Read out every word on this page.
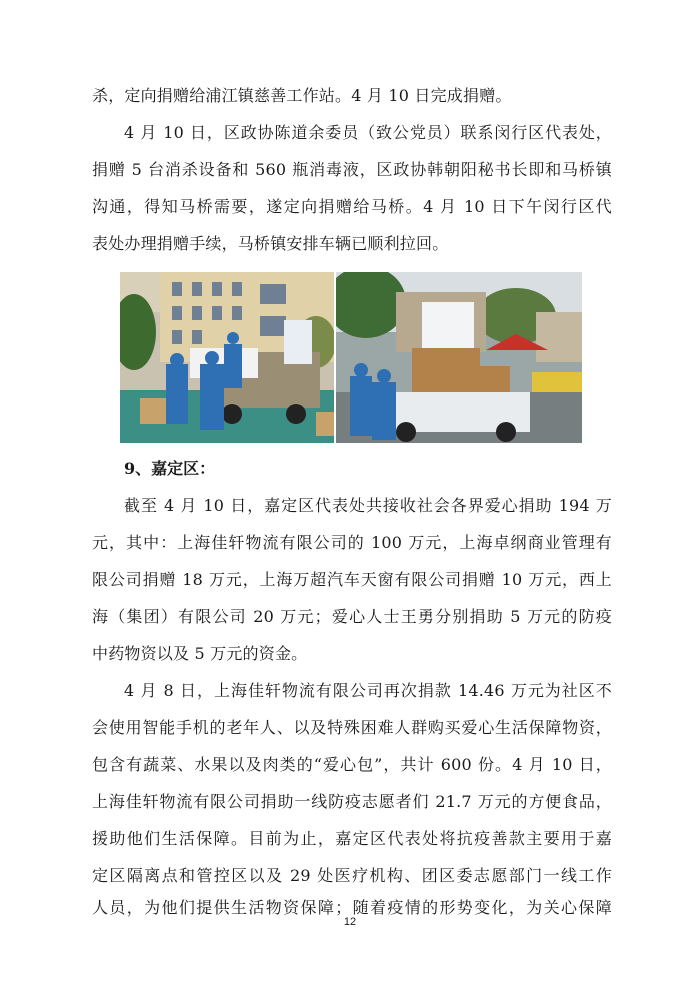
杀，定向捐赠给浦江镇慈善工作站。4 月 10 日完成捐赠。
4 月 10 日，区政协陈道余委员（致公党员）联系闵行区代表处，
捐赠 5 台消杀设备和 560 瓶消毒液，区政协韩朝阳秘书长即和马桥镇
沟通，得知马桥需要，遂定向捐赠给马桥。4 月 10 日下午闵行区代
表处办理捐赠手续，马桥镇安排车辆已顺利拉回。
9、嘉定区：
截至 4 月 10 日，嘉定区代表处共接收社会各界爱心捐助 194 万
元，其中：上海佳轩物流有限公司的 100 万元，上海卓纲商业管理有
限公司捐赠 18 万元，上海万超汽车天窗有限公司捐赠 10 万元，西上
海（集团）有限公司 20 万元；爱心人士王勇分别捐助 5 万元的防疫
中药物资以及 5 万元的资金。
4 月 8 日，上海佳轩物流有限公司再次捐款 14.46 万元为社区不
会使用智能手机的老年人、以及特殊困难人群购买爱心生活保障物资，
包含有蔬菜、水果以及肉类的“爱心包”，共计 600 份。4 月 10 日，
上海佳轩物流有限公司捐助一线防疫志愿者们 21.7 万元的方便食品，
援助他们生活保障。目前为止，嘉定区代表处将抗疫善款主要用于嘉
定区隔离点和管控区以及 29 处医疗机构、团区委志愿部门一线工作
人员，为他们提供生活物资保障；随着疫情的形势变化，为关心保障
12
